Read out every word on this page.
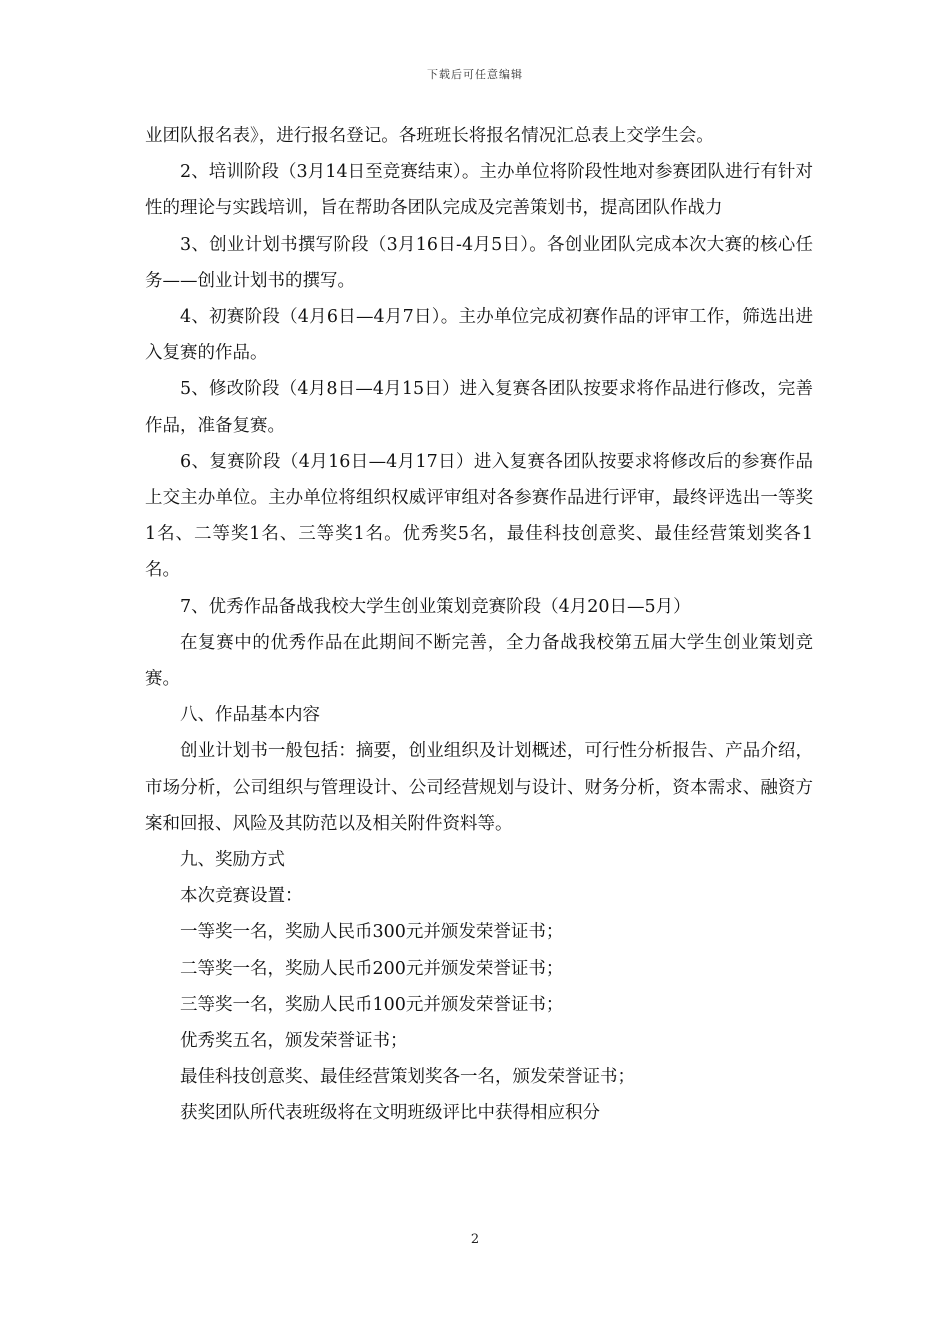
下载后可任意编辑

业团队报名表》，进行报名登记。各班班长将报名情况汇总表上交学生会。

2、培训阶段（3月14日至竞赛结束）。主办单位将阶段性地对参赛团队进行有针对性的理论与实践培训，旨在帮助各团队完成及完善策划书，提高团队作战力

3、创业计划书撰写阶段（3月16日-4月5日）。各创业团队完成本次大赛的核心任务——创业计划书的撰写。

4、初赛阶段（4月6日—4月7日）。主办单位完成初赛作品的评审工作，筛选出进入复赛的作品。

5、修改阶段（4月8日—4月15日）进入复赛各团队按要求将作品进行修改，完善作品，准备复赛。

6、复赛阶段（4月16日—4月17日）进入复赛各团队按要求将修改后的参赛作品上交主办单位。主办单位将组织权威评审组对各参赛作品进行评审，最终评选出一等奖1名、二等奖1名、三等奖1名。优秀奖5名，最佳科技创意奖、最佳经营策划奖各1名。

7、优秀作品备战我校大学生创业策划竞赛阶段（4月20日—5月）

在复赛中的优秀作品在此期间不断完善，全力备战我校第五届大学生创业策划竞赛。

八、作品基本内容

创业计划书一般包括：摘要，创业组织及计划概述，可行性分析报告、产品介绍，市场分析，公司组织与管理设计、公司经营规划与设计、财务分析，资本需求、融资方案和回报、风险及其防范以及相关附件资料等。

九、奖励方式

本次竞赛设置：

一等奖一名，奖励人民币300元并颁发荣誉证书；

二等奖一名，奖励人民币200元并颁发荣誉证书；

三等奖一名，奖励人民币100元并颁发荣誉证书；

优秀奖五名，颁发荣誉证书；

最佳科技创意奖、最佳经营策划奖各一名，颁发荣誉证书；

获奖团队所代表班级将在文明班级评比中获得相应积分

2
